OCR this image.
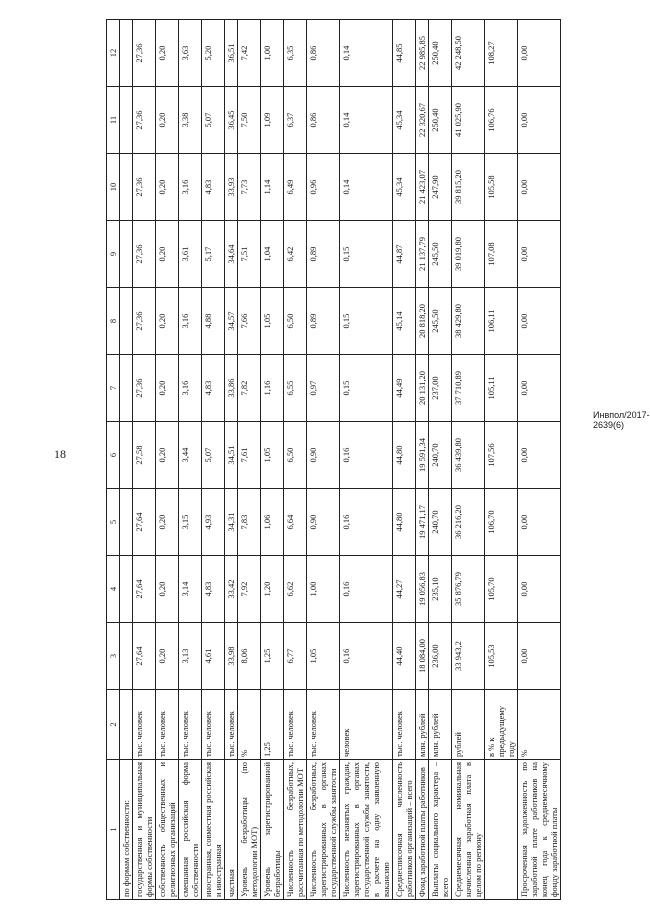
18
Инвпол/2017-2639(6)
1	2	3	4	5	6	7	8	9	10	11	12
по формам собственности:											
государственная и муниципальная формы собственности	тыс. человек	27,64	27,64	27,64	27,58	27,36	27,36	27,36	27,36	27,36	27,36
собственность общественных и религиозных организаций	тыс. человек	0,20	0,20	0,20	0,20	0,20	0,20	0,20	0,20	0,20	0,20
смешанная российская форма собственности	тыс. человек	3,13	3,14	3,15	3,44	3,16	3,16	3,61	3,16	3,38	3,63
иностранная, совместная российская и иностранная	тыс. человек	4,61	4,83	4,93	5,07	4,83	4,88	5,17	4,83	5,07	5,20
частная	тыс. человек	33,98	33,42	34,31	34,51	33,86	34,57	34,64	33,93	36,45	36,51
Уровень безработицы (по методологии МОТ)	%	8,06	7,92	7,83	7,61	7,82	7,66	7,51	7,73	7,50	7,42
Уровень зарегистрированной безработицы	1,25	1,25	1,20	1,06	1,05	1,16	1,05	1,04	1,14	1,09	1,00
Численность безработных, рассчитанная по методологии МОТ	тыс. человек	6,77	6,62	6,64	6,50	6,55	6,50	6,42	6,49	6,37	6,35
Численность безработных, зарегистрированных в органах государственной службы занятости	тыс. человек	1,05	1,00	0,90	0,90	0,97	0,89	0,89	0,96	0,86	0,86
Численность незанятых граждан, зарегистрированных в органах государственной службы занятости, в расчете на одну заявленную вакансию	человек	0,16	0,16	0,16	0,16	0,15	0,15	0,15	0,14	0,14	0,14
Среднесписочная численность работников организаций – всего	тыс. человек	44,40	44,27	44,80	44,80	44,49	45,14	44,87	45,34	45,34	44,85
Фонд заработной платы работников	млн. рублей	18 084,00	19 056,83	19 471,17	19 591,34	20 131,20	20 818,20	21 137,79	21 423,07	22 320,67	22 985,85
Выплаты социального характера – всего	млн. рублей	236,00	235,10	240,70	240,70	237,00	245,50	245,50	247,90	250,40	250,40
Среднемесячная номинальная начисленная заработная плата в целом по региону	рублей	33 943,2	35 876,79	36 216,20	36 439,80	37 710,89	38 429,80	39 019,80	39 815,20	41 025,90	42 248,50
	в % к предыдущему году	105,53	105,70	106,70	107,56	105,11	106,11	107,08	105,58	106,76	108,27
Просроченная задолженность по заработной плате работников на конец года к среднемесячному фонду заработной платы	%	0,00	0,00	0,00	0,00	0,00	0,00	0,00	0,00	0,00	0,00
